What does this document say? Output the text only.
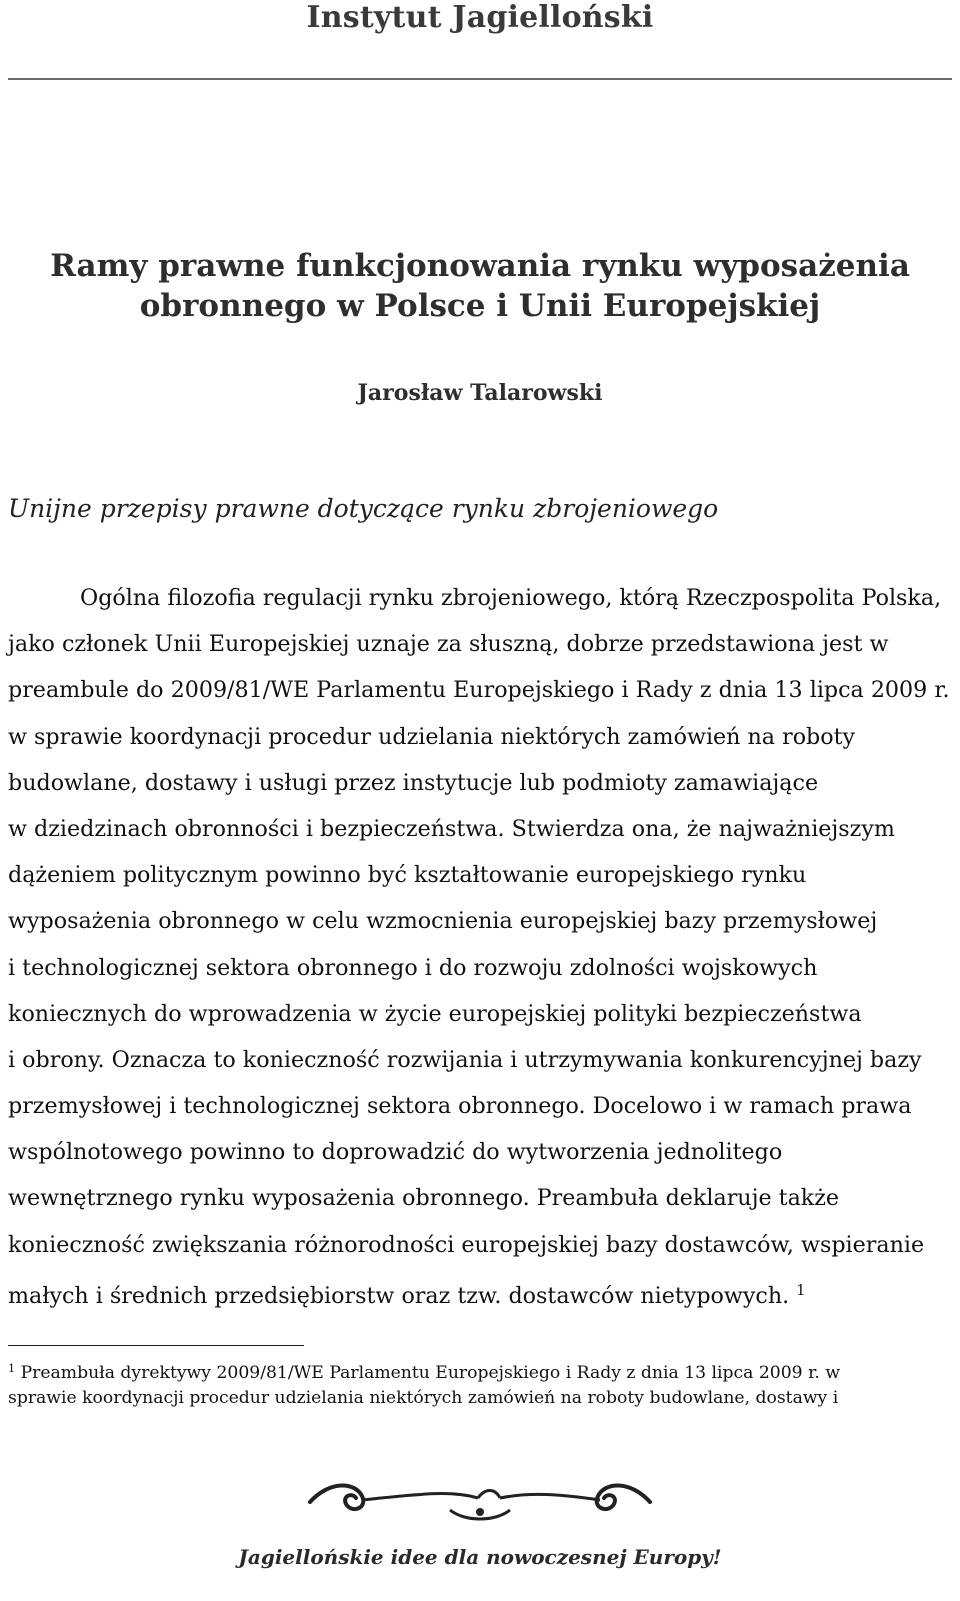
Instytut Jagielloński
Ramy prawne funkcjonowania rynku wyposażenia
obronnego w Polsce i Unii Europejskiej
Jarosław Talarowski
Unijne przepisy prawne dotyczące rynku zbrojeniowego
Ogólna filozofia regulacji rynku zbrojeniowego, którą Rzeczpospolita Polska,
jako członek Unii Europejskiej uznaje za słuszną, dobrze przedstawiona jest w
preambule do 2009/81/WE Parlamentu Europejskiego i Rady z dnia 13 lipca 2009 r.
w sprawie koordynacji procedur udzielania niektórych zamówień na roboty
budowlane, dostawy i usługi przez instytucje lub podmioty zamawiające
w dziedzinach obronności i bezpieczeństwa. Stwierdza ona, że najważniejszym
dążeniem politycznym powinno być kształtowanie europejskiego rynku
wyposażenia obronnego w celu wzmocnienia europejskiej bazy przemysłowej
i technologicznej sektora obronnego i do rozwoju zdolności wojskowych
koniecznych do wprowadzenia w życie europejskiej polityki bezpieczeństwa
i obrony. Oznacza to konieczność rozwijania i utrzymywania konkurencyjnej bazy
przemysłowej i technologicznej sektora obronnego. Docelowo i w ramach prawa
wspólnotowego powinno to doprowadzić do wytworzenia jednolitego
wewnętrznego rynku wyposażenia obronnego. Preambuła deklaruje także
konieczność zwiększania różnorodności europejskiej bazy dostawców, wspieranie
małych i średnich przedsiębiorstw oraz tzw. dostawców nietypowych. $^1$
$^1$ Preambuła dyrektywy 2009/81/WE Parlamentu Europejskiego i Rady z dnia 13 lipca 2009 r. w
sprawie koordynacji procedur udzielania niektórych zamówień na roboty budowlane, dostawy i
Jagiellońskie idee dla nowoczesnej Europy!
